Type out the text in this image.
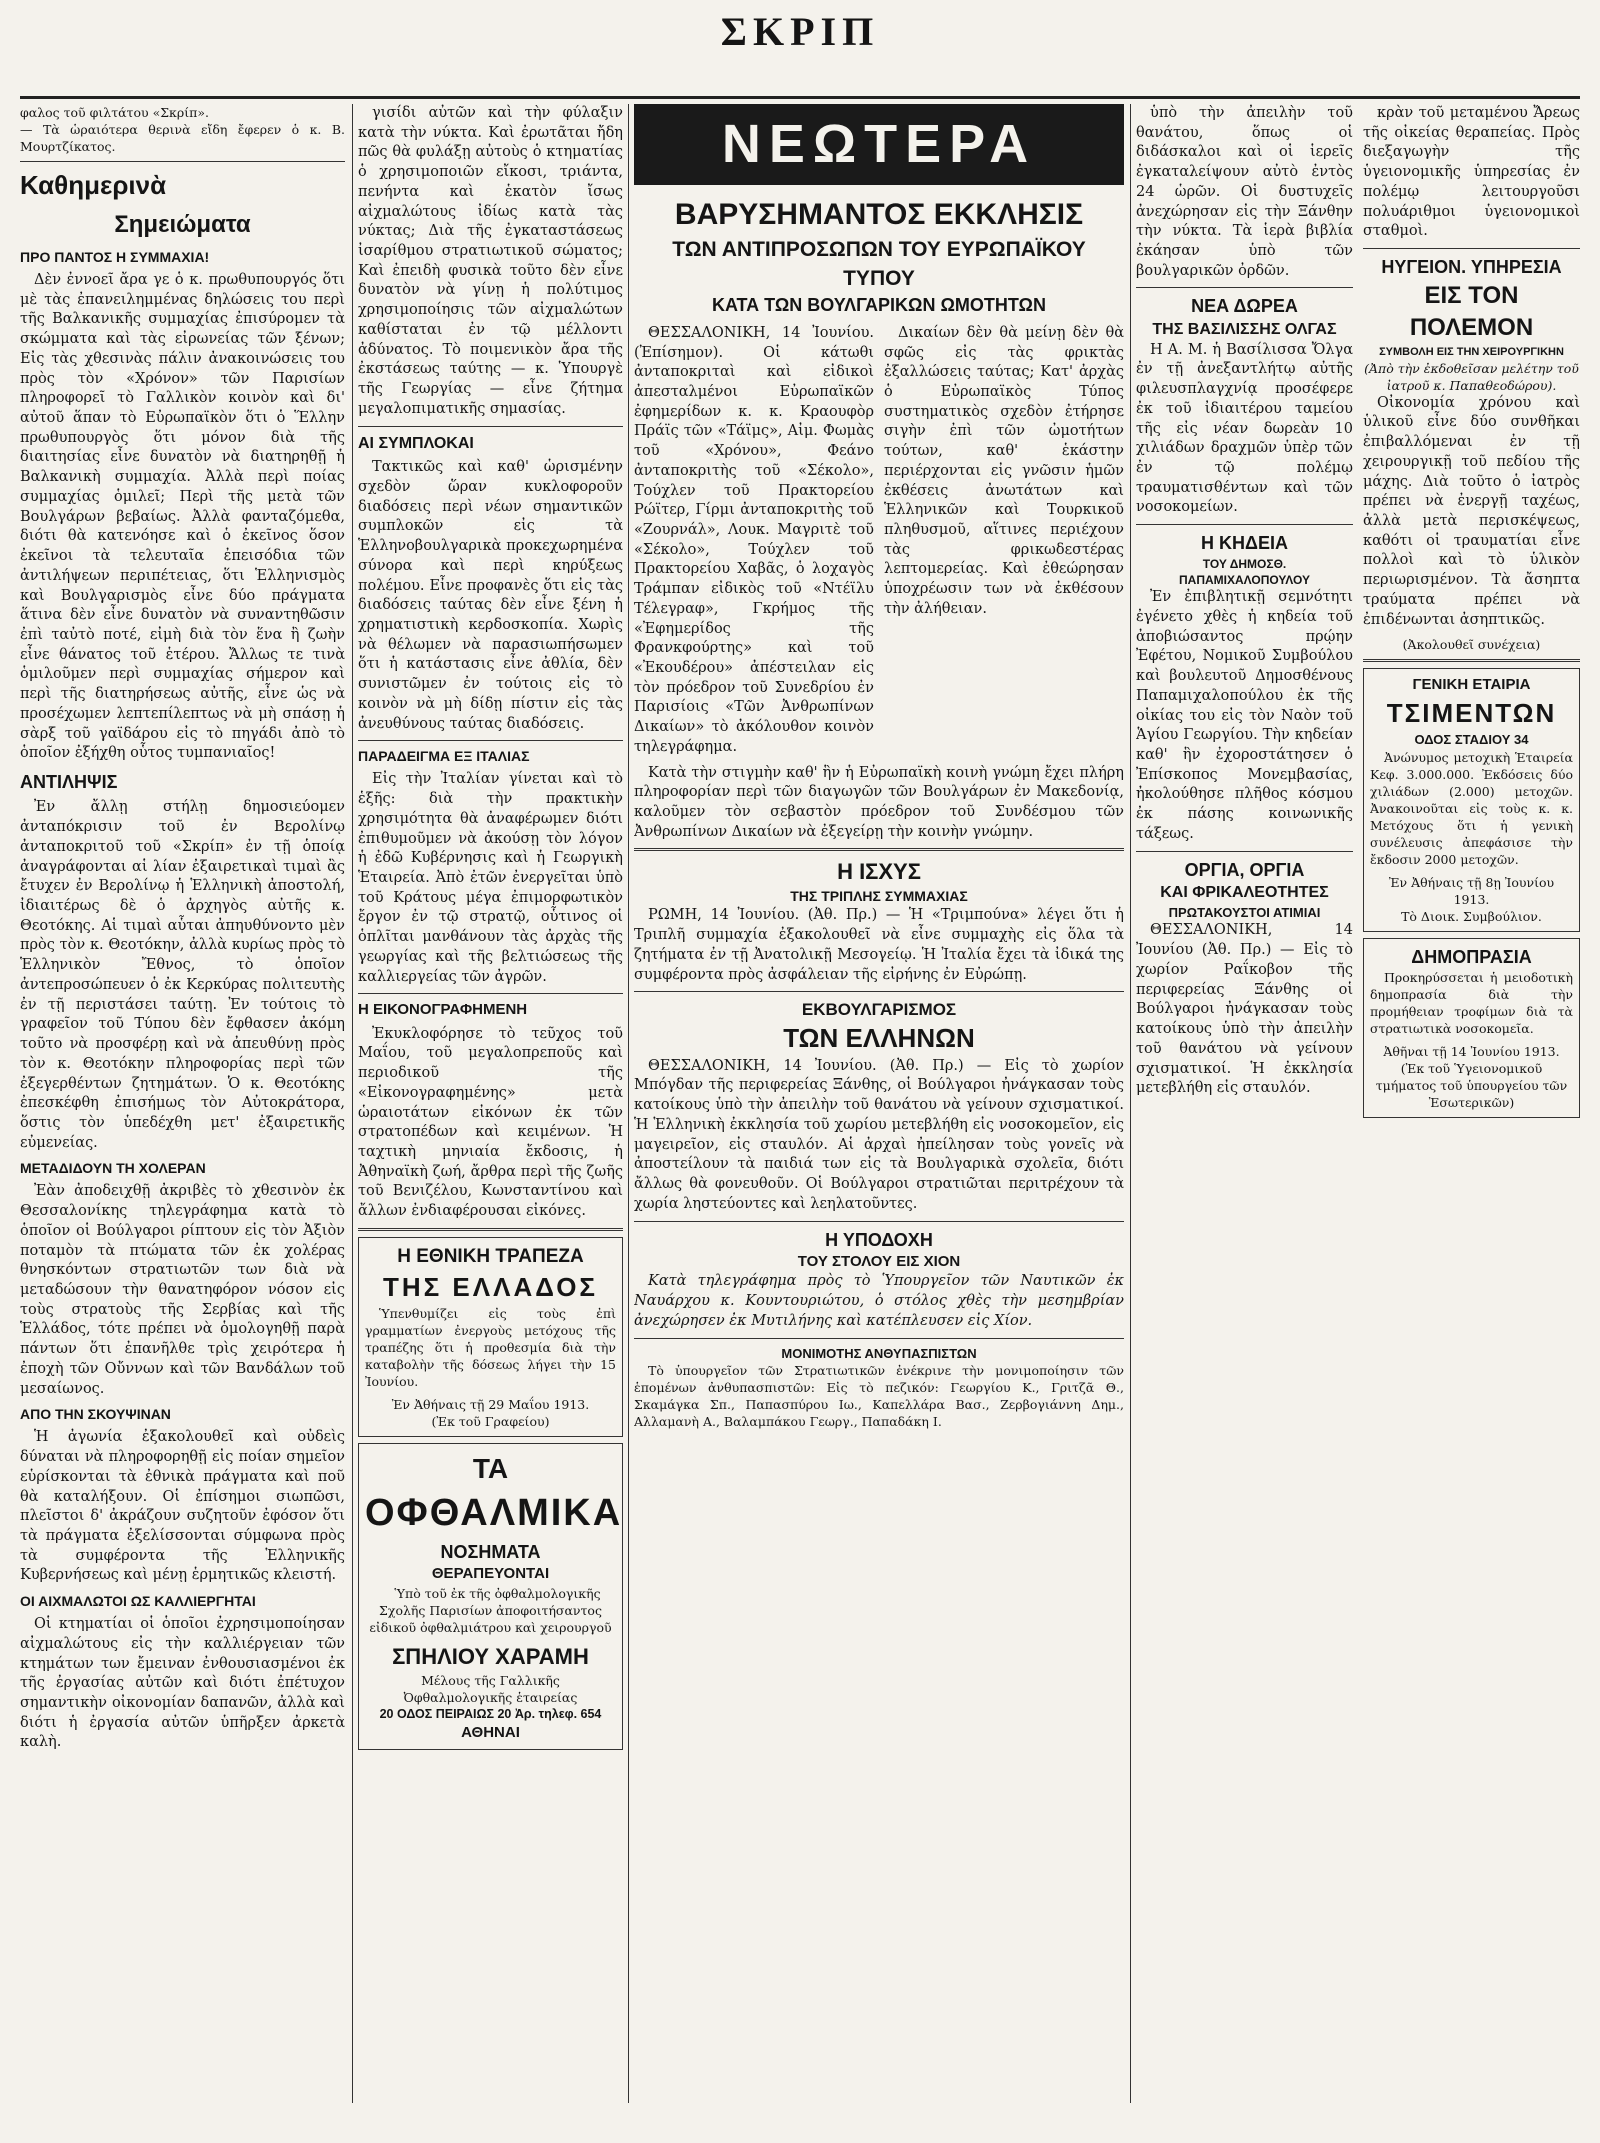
ΣΚΡΙΠ
φαλος τοῦ φιλτάτου «Σκρίπ».
— Τὰ ὡραιότερα θερινὰ εἴδη ἔφερεν ὁ κ. Β. Μουρτζίκατος.
Καθημερινὰ
Σημειώματα
ΠΡΟ ΠΑΝΤΟΣ Η ΣΥΜΜΑΧΙΑ!

Δὲν ἐννοεῖ ἄρα γε ὁ κ. πρωθυπουργός ὅτι μὲ τὰς ἐπανειλημμένας δηλώσεις του περὶ τῆς Βαλκανικῆς συμμαχίας ἐπισύρομεν τὰ σκώμματα καὶ τὰς εἰρωνείας τῶν ξένων; Εἰς τὰς χθεσινὰς πάλιν ἀνακοινώσεις του πρὸς τὸν «Χρόνον» τῶν Παρισίων πληροφορεῖ τὸ Γαλλικὸν κοινὸν καὶ δι' αὐτοῦ ἅπαν τὸ Εὐρωπαϊκὸν ὅτι ὁ Ἕλλην πρωθυπουργὸς ὅτι μόνον διὰ τῆς διαιτησίας εἶνε δυνατὸν νὰ διατηρηθῇ ἡ Βαλκανικὴ συμμαχία. Ἀλλὰ περὶ ποίας συμμαχίας ὁμιλεῖ; Περὶ τῆς μετὰ τῶν Βουλγάρων βεβαίως. Ἀλλὰ φανταζόμεθα, διότι θὰ κατενόησε καὶ ὁ ἐκεῖνος ὅσον ἐκεῖνοι τὰ τελευταῖα ἐπεισόδια τῶν ἀντιλήψεων περιπέτειας, ὅτι Ἑλληνισμὸς καὶ Βουλγαρισμὸς εἶνε δύο πράγματα ἅτινα δὲν εἶνε δυνατὸν νὰ συναντηθῶσιν ἐπὶ ταὐτὸ ποτέ, εἰμὴ διὰ τὸν ἕνα ἢ ζωὴν εἶνε θάνατος τοῦ ἑτέρου. Ἄλλως τε τινὰ ὁμιλοῦμεν περὶ συμμαχίας σήμερον καὶ περὶ τῆς διατηρήσεως αὐτῆς, εἶνε ὡς νὰ προσέχωμεν λεπτεπίλεπτως νὰ μὴ σπάσῃ ἡ σὰρξ τοῦ γαϊδάρου εἰς τὸ πηγάδι ἀπὸ τὸ ὁποῖον ἐξήχθη οὗτος τυμπανιαῖος!

ΑΝΤΙΛΗΨΙΣ

Ἐν ἄλλῃ στήλῃ δημοσιεύομεν ἀνταπόκρισιν τοῦ ἐν Βερολίνῳ ἀνταποκριτοῦ τοῦ «Σκρίπ» ἐν τῇ ὁποίᾳ ἀναγράφονται αἱ λίαν ἐξαιρετικαὶ τιμαὶ ἂς ἔτυχεν ἐν Βερολίνῳ ἡ Ἑλληνικὴ ἀποστολή, ἰδιαιτέρως δὲ ὁ ἀρχηγὸς αὐτῆς κ. Θεοτόκης. Αἱ τιμαὶ αὗται ἀπηυθύνοντο μὲν πρὸς τὸν κ. Θεοτόκην, ἀλλὰ κυρίως πρὸς τὸ Ἑλληνικὸν Ἔθνος, τὸ ὁποῖον ἀντεπροσώπευεν ὁ ἐκ Κερκύρας πολιτευτὴς ἐν τῇ περιστάσει ταύτῃ. Ἐν τούτοις τὸ γραφεῖον τοῦ Τύπου δὲν ἔφθασεν ἀκόμη τοῦτο νὰ προσφέρῃ καὶ νὰ ἀπευθύνῃ πρὸς τὸν κ. Θεοτόκην πληροφορίας περὶ τῶν ἐξεγερθέντων ζητημάτων. Ὁ κ. Θεοτόκης ἐπεσκέφθη ἐπισήμως τὸν Αὐτοκράτορα, ὅστις τὸν ὑπεδέχθη μετ' ἐξαιρετικῆς εὐμενείας.

ΜΕΤΑΔΙΔΟΥΝ ΤΗ ΧΟΛΕΡΑΝ

Ἐὰν ἀποδειχθῇ ἀκριβὲς τὸ χθεσινὸν ἐκ Θεσσαλονίκης τηλεγράφημα κατὰ τὸ ὁποῖον οἱ Βούλγαροι ρίπτουν εἰς τὸν Ἀξιὸν ποταμὸν τὰ πτώματα τῶν ἐκ χολέρας θνησκόντων στρατιωτῶν των διὰ νὰ μεταδώσουν τὴν θανατηφόρον νόσον εἰς τοὺς στρατοὺς τῆς Σερβίας καὶ τῆς Ἑλλάδος, τότε πρέπει νὰ ὁμολογηθῇ παρὰ πάντων ὅτι ἐπανῆλθε τρὶς χειρότερα ἡ ἐποχὴ τῶν Οὔννων καὶ τῶν Βανδάλων τοῦ μεσαίωνος.

ΑΠΟ ΤΗΝ ΣΚΟΥΨΙΝΑΝ

Ἡ ἀγωνία ἐξακολουθεῖ καὶ οὐδεὶς δύναται νὰ πληροφορηθῇ εἰς ποίαν σημεῖον εὑρίσκονται τὰ ἐθνικὰ πράγματα καὶ ποῦ θὰ καταλήξουν. Οἱ ἐπίσημοι σιωπῶσι, πλεῖστοι δ' ἀκράζουν συζητοῦν ἐφόσον ὅτι τὰ πράγματα ἐξελίσσονται σύμφωνα πρὸς τὰ συμφέροντα τῆς Ἑλληνικῆς Κυβερνήσεως καὶ μένῃ ἑρμητικῶς κλειστή.

ΟΙ ΑΙΧΜΑΛΩΤΟΙ ΩΣ ΚΑΛΛΙΕΡΓΗΤΑΙ

Οἱ κτηματίαι οἱ ὁποῖοι ἐχρησιμοποίησαν αἰχμαλώτους εἰς τὴν καλλιέργειαν τῶν κτημάτων των ἔμειναν ἐνθουσιασμένοι ἐκ τῆς ἐργασίας αὐτῶν καὶ διότι ἐπέτυχον σημαντικὴν οἰκονομίαν δαπανῶν, ἀλλὰ καὶ διότι ἡ ἐργασία αὐτῶν ὑπῆρξεν ἀρκετὰ καλὴ.

γισίδι αὐτῶν καὶ τὴν φύλαξιν κατὰ τὴν νύκτα. Καὶ ἐρωτᾶται ἤδη πῶς θὰ φυλάξῃ αὐτοὺς ὁ κτηματίας ὁ χρησιμοποιῶν εἴκοσι, τριάντα, πενήντα καὶ ἑκατὸν ἴσως αἰχμαλώτους ἰδίως κατὰ τὰς νύκτας; Διὰ τῆς ἐγκαταστάσεως ἰσαρίθμου στρατιωτικοῦ σώματος; Καὶ ἐπειδὴ φυσικὰ τοῦτο δὲν εἶνε δυνατὸν νὰ γίνῃ ἡ πολύτιμος χρησιμοποίησις τῶν αἰχμαλώτων καθίσταται ἐν τῷ μέλλοντι ἀδύνατος. Τὸ ποιμενικὸν ἄρα τῆς ἐκστάσεως ταύτης — κ. Ὑπουργὲ τῆς Γεωργίας — εἶνε ζήτημα μεγαλοπιματικῆς σημασίας.

ΑΙ ΣΥΜΠΛΟΚΑΙ

Τακτικῶς καὶ καθ' ὡρισμένην σχεδὸν ὥραν κυκλοφοροῦν διαδόσεις περὶ νέων σημαντικῶν συμπλοκῶν εἰς τὰ Ἑλληνοβουλγαρικὰ προκεχωρημένα σύνορα καὶ περὶ κηρύξεως πολέμου. Εἶνε προφανὲς ὅτι εἰς τὰς διαδόσεις ταύτας δὲν εἶνε ξένη ἡ χρηματιστικὴ κερδοσκοπία. Χωρὶς νὰ θέλωμεν νὰ παρασιωπήσωμεν ὅτι ἡ κατάστασις εἶνε ἀθλία, δὲν συνιστῶμεν ἐν τούτοις εἰς τὸ κοινὸν νὰ μὴ δίδῃ πίστιν εἰς τὰς ἀνευθύνους ταύτας διαδόσεις.

ΠΑΡΑΔΕΙΓΜΑ ΕΞ ΙΤΑΛΙΑΣ

Εἰς τὴν Ἰταλίαν γίνεται καὶ τὸ ἑξῆς: διὰ τὴν πρακτικὴν χρησιμότητα θὰ ἀναφέρωμεν διότι ἐπιθυμοῦμεν νὰ ἀκούσῃ τὸν λόγον ἡ ἐδῶ Κυβέρνησις καὶ ἡ Γεωργικὴ Ἑταιρεία. Ἀπὸ ἐτῶν ἐνεργεῖται ὑπὸ τοῦ Κράτους μέγα ἐπιμορφωτικὸν ἔργον ἐν τῷ στρατῷ, οὗτινος οἱ ὁπλῖται μανθάνουν τὰς ἀρχὰς τῆς γεωργίας καὶ τῆς βελτιώσεως τῆς καλλιεργείας τῶν ἀγρῶν.

Η ΕΙΚΟΝΟΓΡΑΦΗΜΕΝΗ

Ἐκυκλοφόρησε τὸ τεῦχος τοῦ Μαΐου, τοῦ μεγαλοπρεποῦς καὶ περιοδικοῦ τῆς «Εἰκονογραφημένης» μετὰ ὡραιοτάτων εἰκόνων ἐκ τῶν στρατοπέδων καὶ κειμένων. Ἡ ταχτικὴ μηνιαία ἔκδοσις, ἡ Ἀθηναϊκὴ ζωή, ἄρθρα περὶ τῆς ζωῆς τοῦ Βενιζέλου, Κωνσταντίνου καὶ ἄλλων ἐνδιαφέρουσαι εἰκόνες.

Η ΕΘΝΙΚΗ ΤΡΑΠΕΖΑ
ΤΗΣ ΕΛΛΑΔΟΣ

Ὑπενθυμίζει εἰς τοὺς ἐπὶ γραμματίων ἐνεργοὺς μετόχους τῆς τραπέζης ὅτι ἡ προθεσμία διὰ τὴν καταβολὴν τῆς δόσεως λήγει τὴν 15 Ἰουνίου.

Ἐν Ἀθήναις τῇ 29 Μαΐου 1913.
(Ἐκ τοῦ Γραφείου)
ΤΑ
ΟΦΘΑΛΜΙΚΑ
ΝΟΣΗΜΑΤΑ
ΘΕΡΑΠΕΥΟΝΤΑΙ

Ὑπὸ τοῦ ἐκ τῆς ὀφθαλμολογικῆς Σχολῆς Παρισίων ἀποφοιτήσαντος εἰδικοῦ ὀφθαλμιάτρου καὶ χειρουργοῦ

ΣΠΗΛΙΟΥ ΧΑΡΑΜΗ
Μέλους τῆς Γαλλικῆς Ὀφθαλμολογικῆς ἑταιρείας
20 ΟΔΟΣ ΠΕΙΡΑΙΩΣ 20 Ἀρ. τηλεφ. 654
ΑΘΗΝΑΙ
ΝΕΩΤΕΡΑ
ΒΑΡΥΣΗΜΑΝΤΟΣ ΕΚΚΛΗΣΙΣ
ΤΩΝ ΑΝΤΙΠΡΟΣΩΠΩΝ ΤΟΥ ΕΥΡΩΠΑΪΚΟΥ ΤΥΠΟΥ
ΚΑΤΑ ΤΩΝ ΒΟΥΛΓΑΡΙΚΩΝ ΩΜΟΤΗΤΩΝ

ΘΕΣΣΑΛΟΝΙΚΗ, 14 Ἰουνίου. (Ἐπίσημον). Οἱ κάτωθι ἀνταποκριταὶ καὶ εἰδικοὶ ἀπεσταλμένοι Εὐρωπαϊκῶν ἐφημερίδων κ. κ. Κραουφὸρ Πράϊς τῶν «Τάϊμς», Αἰμ. Φωμὰς τοῦ «Χρόνου», Φεάνο ἀνταποκριτὴς τοῦ «Σέκολο», Τούχλεν τοῦ Πρακτορείου Ρώϊτερ, Γίρμι ἀνταποκριτὴς τοῦ «Ζουρνάλ», Λουκ. Μαγριτὲ τοῦ «Σέκολο», Τούχλεν τοῦ Πρακτορείου Χαβᾶς, ὁ λοχαγὸς Τράμπαν εἰδικὸς τοῦ «Ντέϊλυ Τέλεγραφ», Γκρήμος τῆς «Ἐφημερίδος τῆς Φρανκφούρτης» καὶ τοῦ «Ἐκουδέρου» ἀπέστειλαν εἰς τὸν πρόεδρον τοῦ Συνεδρίου ἐν Παρισίοις «Τῶν Ἀνθρωπίνων Δικαίων» τὸ ἀκόλουθον κοινὸν τηλεγράφημα.

Δικαίων δὲν θὰ μείνῃ δὲν θὰ σφῶς εἰς τὰς φρικτὰς ἐξαλλώσεις ταύτας; Κατ' ἀρχὰς ὁ Εὐρωπαϊκὸς Τύπος συστηματικὸς σχεδὸν ἐτήρησε σιγὴν ἐπὶ τῶν ὠμοτήτων τούτων, καθ' ἑκάστην περιέρχονται εἰς γνῶσιν ἡμῶν ἐκθέσεις ἀνωτάτων καὶ Ἑλληνικῶν καὶ Τουρκικοῦ πληθυσμοῦ, αἵτινες περιέχουν τὰς φρικωδεστέρας λεπτομερείας. Καὶ ἐθεώρησαν ὑποχρέωσιν των νὰ ἐκθέσουν τὴν ἀλήθειαν.

Κατὰ τὴν στιγμὴν καθ' ἣν ἡ Εὐρωπαϊκὴ κοινὴ γνώμη ἔχει πλήρη πληροφορίαν περὶ τῶν διαγωγῶν τῶν Βουλγάρων ἐν Μακεδονίᾳ, καλοῦμεν τὸν σεβαστὸν πρόεδρον τοῦ Συνδέσμου τῶν Ἀνθρωπίνων Δικαίων νὰ ἐξεγείρῃ τὴν κοινὴν γνώμην.

Η ΙΣΧΥΣ
ΤΗΣ ΤΡΙΠΛΗΣ ΣΥΜΜΑΧΙΑΣ

ΡΩΜΗ, 14 Ἰουνίου. (Ἀθ. Πρ.) — Ἡ «Τριμπούνα» λέγει ὅτι ἡ Τριπλῆ συμμαχία ἐξακολουθεῖ νὰ εἶνε συμμαχὴς εἰς ὅλα τὰ ζητήματα ἐν τῇ Ἀνατολικῇ Μεσογείῳ. Ἡ Ἰταλία ἔχει τὰ ἰδικά της συμφέροντα πρὸς ἀσφάλειαν τῆς εἰρήνης ἐν Εὐρώπῃ.

ΕΚΒΟΥΛΓΑΡΙΣΜΟΣ
ΤΩΝ ΕΛΛΗΝΩΝ

ΘΕΣΣΑΛΟΝΙΚΗ, 14 Ἰουνίου. (Ἀθ. Πρ.) — Εἰς τὸ χωρίον Μπόγδαν τῆς περιφερείας Ξάνθης, οἱ Βούλγαροι ἠνάγκασαν τοὺς κατοίκους ὑπὸ τὴν ἀπειλὴν τοῦ θανάτου νὰ γείνουν σχισματικοί. Ἡ Ἑλληνικὴ ἐκκλησία τοῦ χωρίου μετεβλήθη εἰς νοσοκομεῖον, εἰς μαγειρεῖον, εἰς σταυλόν. Αἱ ἀρχαὶ ἠπείλησαν τοὺς γονεῖς νὰ ἀποστείλουν τὰ παιδιά των εἰς τὰ Βουλγαρικὰ σχολεῖα, διότι ἄλλως θὰ φονευθοῦν. Οἱ Βούλγαροι στρατιῶται περιτρέχουν τὰ χωρία ληστεύοντες καὶ λεηλατοῦντες.

Η ΥΠΟΔΟΧΗ
ΤΟΥ ΣΤΟΛΟΥ ΕΙΣ ΧΙΟΝ

Κατὰ τηλεγράφημα πρὸς τὸ Ὑπουργεῖον τῶν Ναυτικῶν ἐκ Ναυάρχου κ. Κουντουριώτου, ὁ στόλος χθὲς τὴν μεσημβρίαν ἀνεχώρησεν ἐκ Μυτιλήνης καὶ κατέπλευσεν εἰς Χίον.

ΜΟΝΙΜΟΤΗΣ ΑΝΘΥΠΑΣΠΙΣΤΩΝ

Τὸ ὑπουργεῖον τῶν Στρατιωτικῶν ἐνέκρινε τὴν μονιμοποίησιν τῶν ἑπομένων ἀνθυπασπιστῶν: Εἰς τὸ πεζικόν: Γεωργίου Κ., Γριτζᾶ Θ., Σκαμάγκα Σπ., Παπασπύρου Ιω., Καπελλάρα Βασ., Ζερβογιάννη Δημ., Αλλαμανὴ Α., Βαλαμπάκου Γεωργ., Παπαδάκη Ι.

ὑπὸ τὴν ἀπειλὴν τοῦ θανάτου, ὅπως οἱ διδάσκαλοι καὶ οἱ ἱερεῖς ἐγκαταλείψουν αὐτὸ ἐντὸς 24 ὡρῶν. Οἱ δυστυχεῖς ἀνεχώρησαν εἰς τὴν Ξάνθην τὴν νύκτα. Τὰ ἱερὰ βιβλία ἐκάησαν ὑπὸ τῶν βουλγαρικῶν ὀρδῶν.

ΝΕΑ ΔΩΡΕΑ
ΤΗΣ ΒΑΣΙΛΙΣΣΗΣ ΟΛΓΑΣ

Η Α. Μ. ἡ Βασίλισσα Ὄλγα ἐν τῇ ἀνεξαντλήτῳ αὐτῆς φιλευσπλαγχνίᾳ προσέφερε ἐκ τοῦ ἰδιαιτέρου ταμείου τῆς εἰς νέαν δωρεὰν 10 χιλιάδων δραχμῶν ὑπὲρ τῶν ἐν τῷ πολέμῳ τραυματισθέντων καὶ τῶν νοσοκομείων.

Η ΚΗΔΕΙΑ
ΤΟΥ ΔΗΜΟΣΘ. ΠΑΠΑΜΙΧΑΛΟΠΟΥΛΟΥ

Ἐν ἐπιβλητικῇ σεμνότητι ἐγένετο χθὲς ἡ κηδεία τοῦ ἀποβιώσαντος πρῴην Ἐφέτου, Νομικοῦ Συμβούλου καὶ βουλευτοῦ Δημοσθένους Παπαμιχαλοπούλου ἐκ τῆς οἰκίας του εἰς τὸν Ναὸν τοῦ Ἁγίου Γεωργίου. Τὴν κηδείαν καθ' ἣν ἐχοροστάτησεν ὁ Ἐπίσκοπος Μονεμβασίας, ἠκολούθησε πλῆθος κόσμου ἐκ πάσης κοινωνικῆς τάξεως.

ΟΡΓΙΑ, ΟΡΓΙΑ
ΚΑΙ ΦΡΙΚΑΛΕΟΤΗΤΕΣ
ΠΡΩΤΑΚΟΥΣΤΟΙ ΑΤΙΜΙΑΙ

ΘΕΣΣΑΛΟΝΙΚΗ, 14 Ἰουνίου (Ἀθ. Πρ.) — Εἰς τὸ χωρίον Ραΐκοβον τῆς περιφερείας Ξάνθης οἱ Βούλγαροι ἠνάγκασαν τοὺς κατοίκους ὑπὸ τὴν ἀπειλὴν τοῦ θανάτου νὰ γείνουν σχισματικοί. Ἡ ἐκκλησία μετεβλήθη εἰς σταυλόν.

κρὰν τοῦ μεταμένου Ἄρεως τῆς οἰκείας θεραπείας. Πρὸς διεξαγωγὴν τῆς ὑγειονομικῆς ὑπηρεσίας ἐν πολέμῳ λειτουργοῦσι πολυάριθμοι ὑγειονομικοὶ σταθμοὶ.

ΗΥΓΕΙΟΝ. ΥΠΗΡΕΣΙΑ
ΕΙΣ ΤΟΝ ΠΟΛΕΜΟΝ
ΣΥΜΒΟΛΗ ΕΙΣ ΤΗΝ ΧΕΙΡΟΥΡΓΙΚΗΝ
(Ἀπὸ τὴν ἐκδοθεῖσαν μελέτην τοῦ ἰατροῦ κ. Παπαθεοδώρου).

Οἰκονομία χρόνου καὶ ὑλικοῦ εἶνε δύο συνθῆκαι ἐπιβαλλόμεναι ἐν τῇ χειρουργικῇ τοῦ πεδίου τῆς μάχης. Διὰ τοῦτο ὁ ἰατρὸς πρέπει νὰ ἐνεργῇ ταχέως, ἀλλὰ μετὰ περισκέψεως, καθότι οἱ τραυματίαι εἶνε πολλοὶ καὶ τὸ ὑλικὸν περιωρισμένον. Τὰ ἄσηπτα τραύματα πρέπει νὰ ἐπιδένωνται ἀσηπτικῶς.

(Ἀκολουθεῖ συνέχεια)
ΓΕΝΙΚΗ ΕΤΑΙΡΙΑ
ΤΣΙΜΕΝΤΩΝ
ΟΔΟΣ ΣΤΑΔΙΟΥ 34

Ἀνώνυμος μετοχικὴ Ἑταιρεία Κεφ. 3.000.000. Ἐκδόσεις δύο χιλιάδων (2.000) μετοχῶν. Ἀνακοινοῦται εἰς τοὺς κ. κ. Μετόχους ὅτι ἡ γενικὴ συνέλευσις ἀπεφάσισε τὴν ἔκδοσιν 2000 μετοχῶν.

Ἐν Ἀθήναις τῇ 8ῃ Ἰουνίου 1913.
Τὸ Διοικ. Συμβούλιον.
ΔΗΜΟΠΡΑΣΙΑ

Προκηρύσσεται ἡ μειοδοτικὴ δημοπρασία διὰ τὴν προμήθειαν τροφίμων διὰ τὰ στρατιωτικὰ νοσοκομεῖα.

Ἀθῆναι τῇ 14 Ἰουνίου 1913.
(Ἐκ τοῦ Ὑγειονομικοῦ τμήματος τοῦ ὑπουργείου τῶν Ἐσωτερικῶν)
